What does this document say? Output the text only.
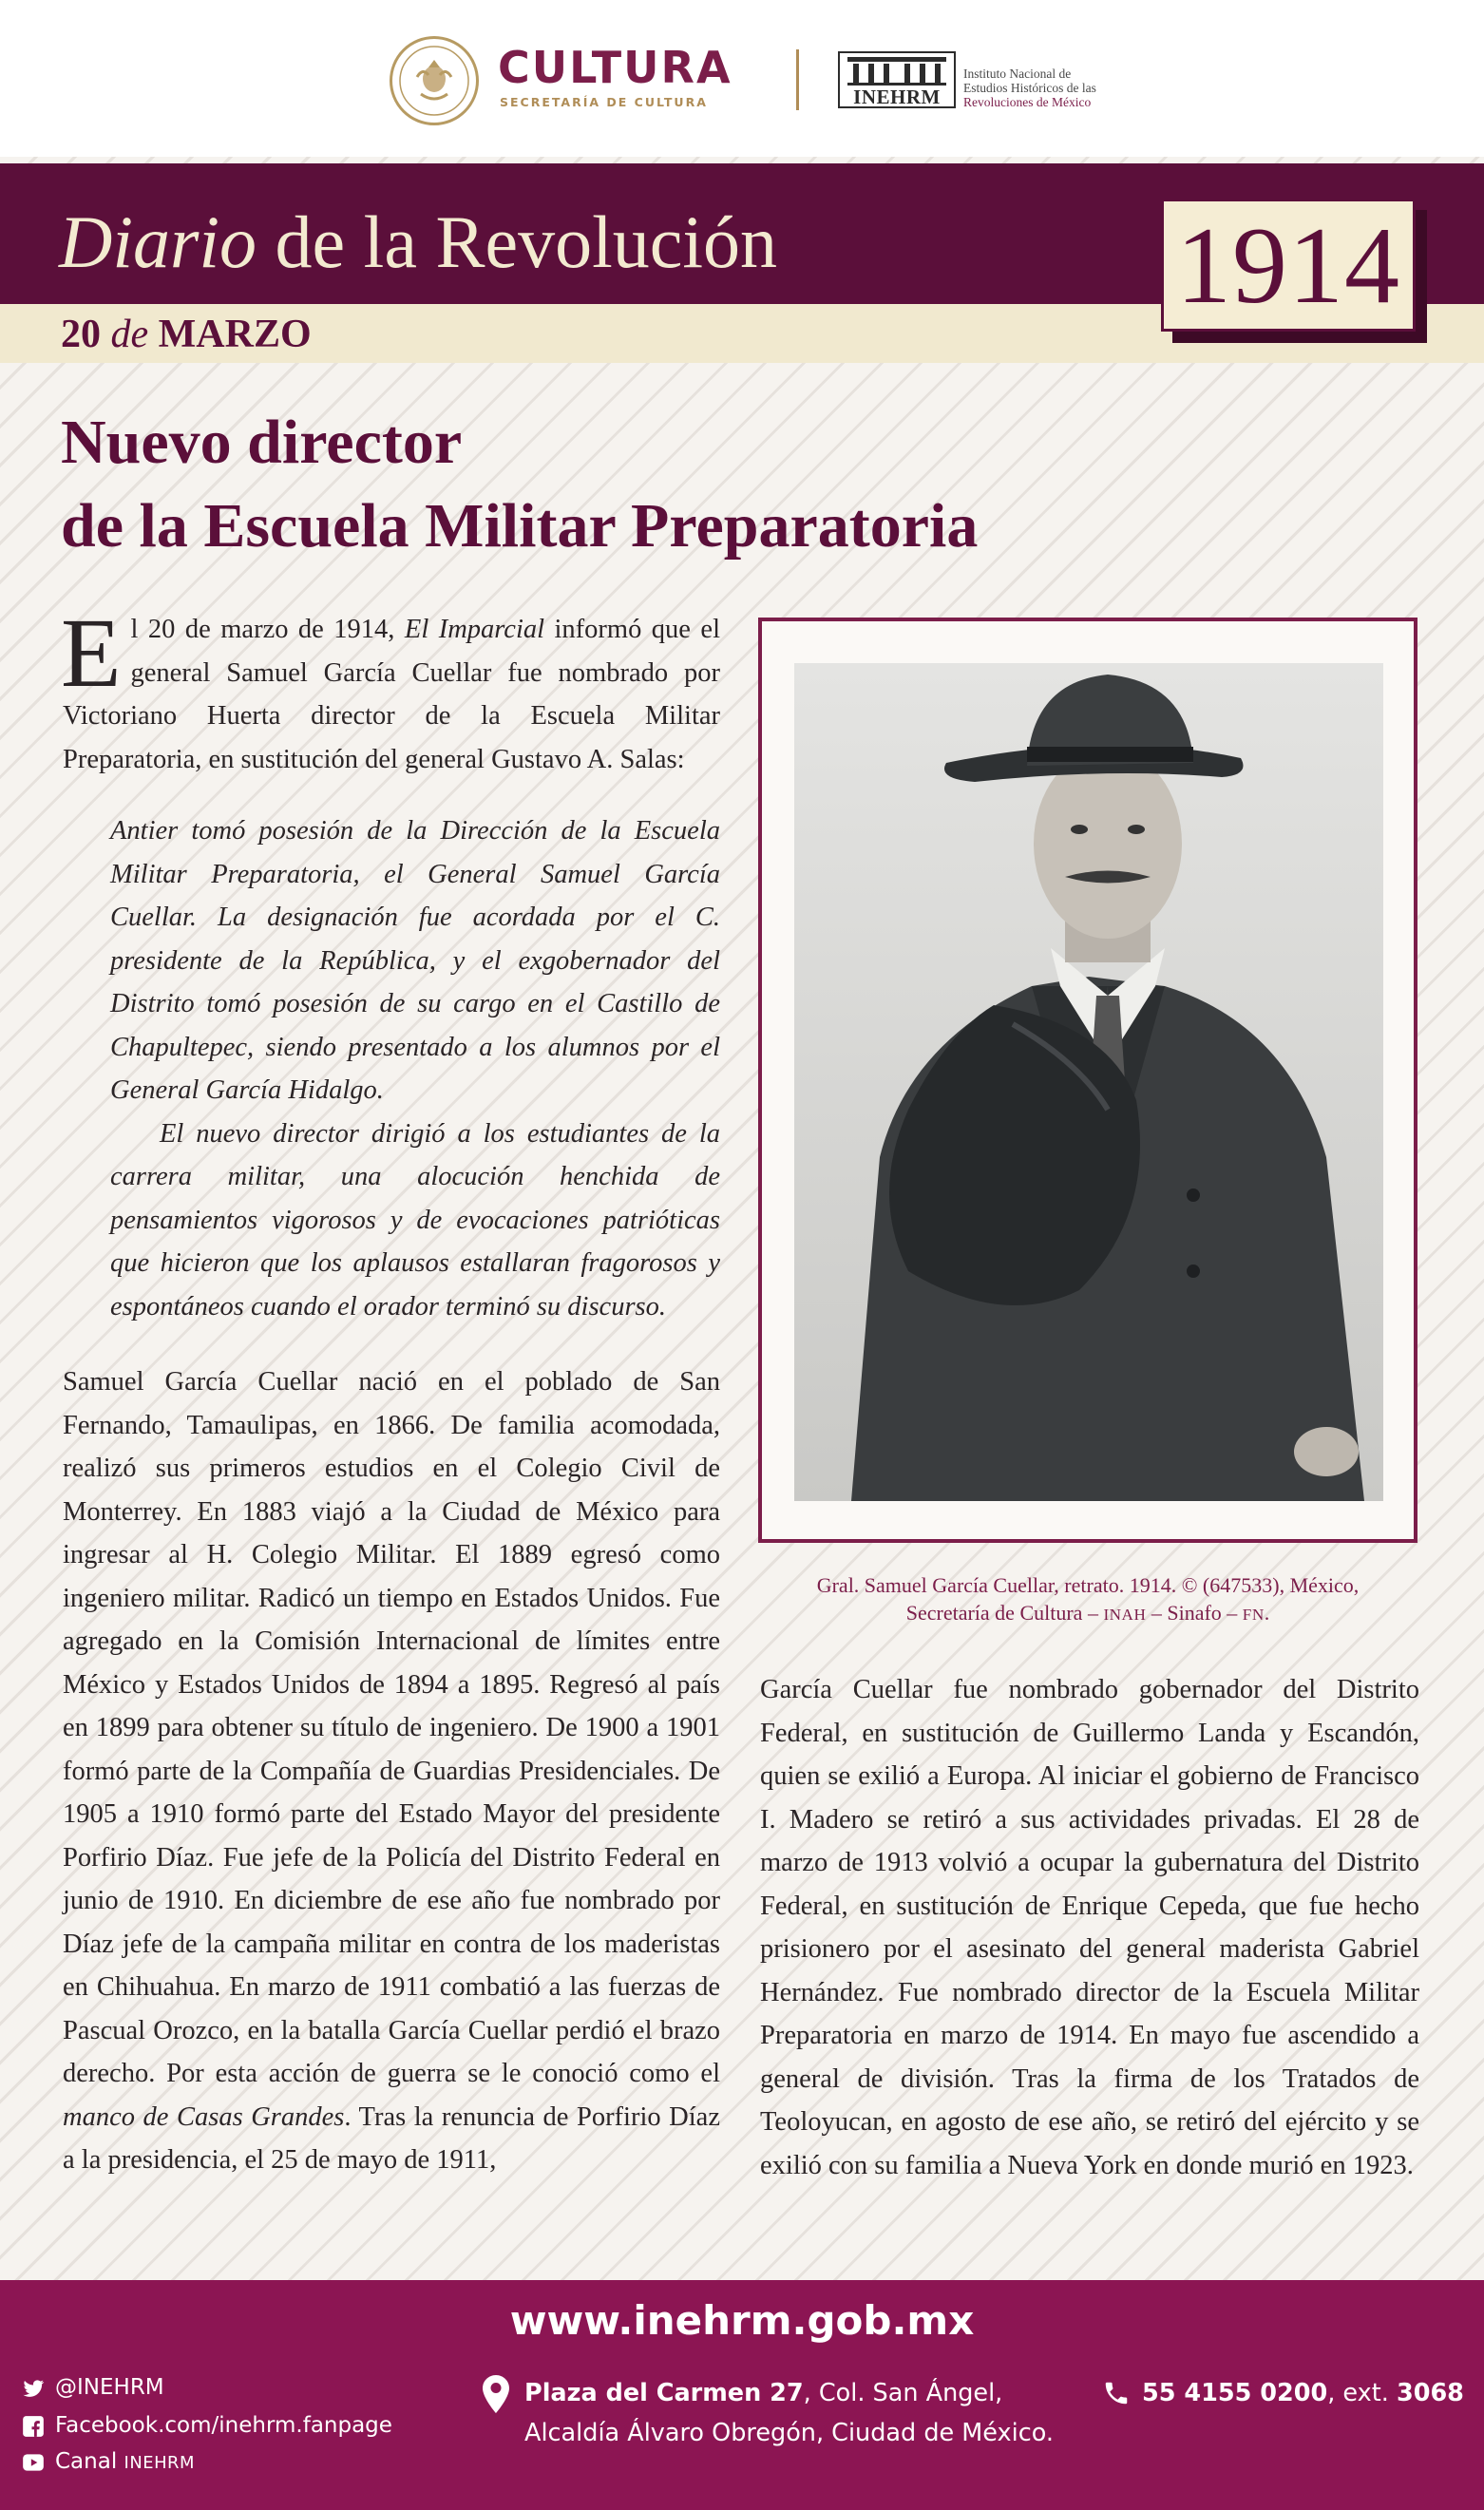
CULTURA
SECRETARÍA DE CULTURA	INEHRM
Instituto Nacional de
Estudios Históricos de las
Revoluciones de México
Diario de la Revolución
20 de MARZO
1914
Nuevo director
de la Escuela Militar Preparatoria
El 20 de marzo de 1914, El Imparcial informó que el general Samuel García Cuellar fue nombrado por Victoriano Huerta director de la Escuela Militar Preparatoria, en sustitución del general Gustavo A. Salas:

Antier tomó posesión de la Dirección de la Escuela Militar Preparatoria, el General Samuel García Cuellar. La designación fue acordada por el C. presidente de la República, y el exgobernador del Distrito tomó posesión de su cargo en el Castillo de Chapultepec, siendo presentado a los alumnos por el General García Hidalgo.

El nuevo director dirigió a los estudiantes de la carrera militar, una alocución henchida de pensamientos vigorosos y de evocaciones patrióticas que hicieron que los aplausos estallaran fragorosos y espontáneos cuando el orador terminó su discurso.

Samuel García Cuellar nació en el poblado de San Fernando, Tamaulipas, en 1866. De familia acomodada, realizó sus primeros estudios en el Colegio Civil de Monterrey. En 1883 viajó a la Ciudad de México para ingresar al H. Colegio Militar. El 1889 egresó como ingeniero militar. Radicó un tiempo en Estados Unidos. Fue agregado en la Comisión Internacional de límites entre México y Estados Unidos de 1894 a 1895. Regresó al país en 1899 para obtener su título de ingeniero. De 1900 a 1901 formó parte de la Compañía de Guardias Presidenciales. De 1905 a 1910 formó parte del Estado Mayor del presidente Porfirio Díaz. Fue jefe de la Policía del Distrito Federal en junio de 1910. En diciembre de ese año fue nombrado por Díaz jefe de la campaña militar en contra de los maderistas en Chihuahua. En marzo de 1911 combatió a las fuerzas de Pascual Orozco, en la batalla García Cuellar perdió el brazo derecho. Por esta acción de guerra se le conoció como el manco de Casas Grandes. Tras la renuncia de Porfirio Díaz a la presidencia, el 25 de mayo de 1911,

Gral. Samuel García Cuellar, retrato. 1914. © (647533), México,
Secretaría de Cultura – INAH – Sinafo – FN.

García Cuellar fue nombrado gobernador del Distrito Federal, en sustitución de Guillermo Landa y Escandón, quien se exilió a Europa. Al iniciar el gobierno de Francisco I. Madero se retiró a sus actividades privadas. El 28 de marzo de 1913 volvió a ocupar la gubernatura del Distrito Federal, en sustitución de Enrique Cepeda, que fue hecho prisionero por el asesinato del general maderista Gabriel Hernández. Fue nombrado director de la Escuela Militar Preparatoria en marzo de 1914. En mayo fue ascendido a general de división. Tras la firma de los Tratados de Teoloyucan, en agosto de ese año, se retiró del ejército y se exilió con su familia a Nueva York en donde murió en 1923.

www.inehrm.gob.mx
@INEHRM
Facebook.com/inehrm.fanpage
Canal INEHRM
Plaza del Carmen 27, Col. San Ángel,
Alcaldía Álvaro Obregón, Ciudad de México.
55 4155 0200, ext. 3068
